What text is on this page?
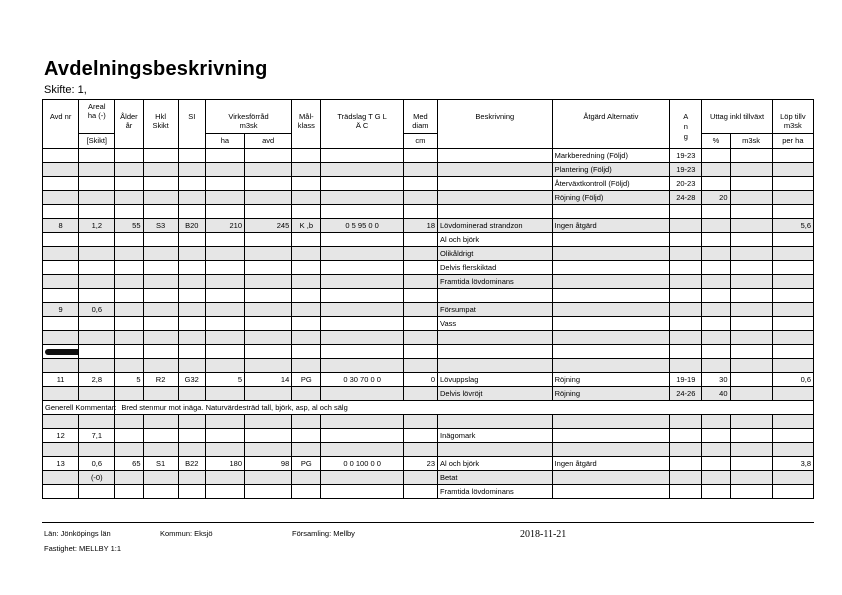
Avdelningsbeskrivning
Skifte: 1,
Avd nr	Areal ha (-)	Ålder år	Hkl Skikt	SI	Virkesförråd m3sk		Mål- klass	Trädslag T G L Ä C	Med diam	Beskrivning	Åtgärd Alternativ	A n g	Uttag inkl tillväxt		Löp tillv m3sk

	[Skikt]				ha	avd			cm				%	m3sk	per ha
											Markberedning (Följd)	19-23			
											Plantering (Följd)	19-23			
											Återväxtkontroll (Följd)	20-23			
											Röjning (Följd)	24-28	20		

8	1,2	55	S3	B20	210	245	K ,b	0 5 95 0 0	18	Lövdominerad strandzon	Ingen åtgärd				5,6
										Al och björk					
										Olikåldrigt					
										Delvis flerskiktad					
										Framtida lövdominans					

9	0,6									Försumpat					
										Vass					

11	2,8	5	R2	G32	5	14	PG	0 30 70 0 0	0	Lövuppslag	Röjning	19-19	30		0,6
										Delvis lövröjt	Röjning	24-26	40		
Generell Kommentar:		Bred stenmur mot inäga. Naturvärdesträd tall, björk, asp, al och sälg													

12	7,1									Inägomark					

13	0,6	65	S1	B22	180	98	PG	0 0 100 0 0	23	Al och björk	Ingen åtgärd				3,8
	(-0)									Betat					
										Framtida lövdominans					
Län: Jönköpings län	Kommun: Eksjö	Församling: Mellby	2018-11-21
Fastighet: MELLBY 1:1
